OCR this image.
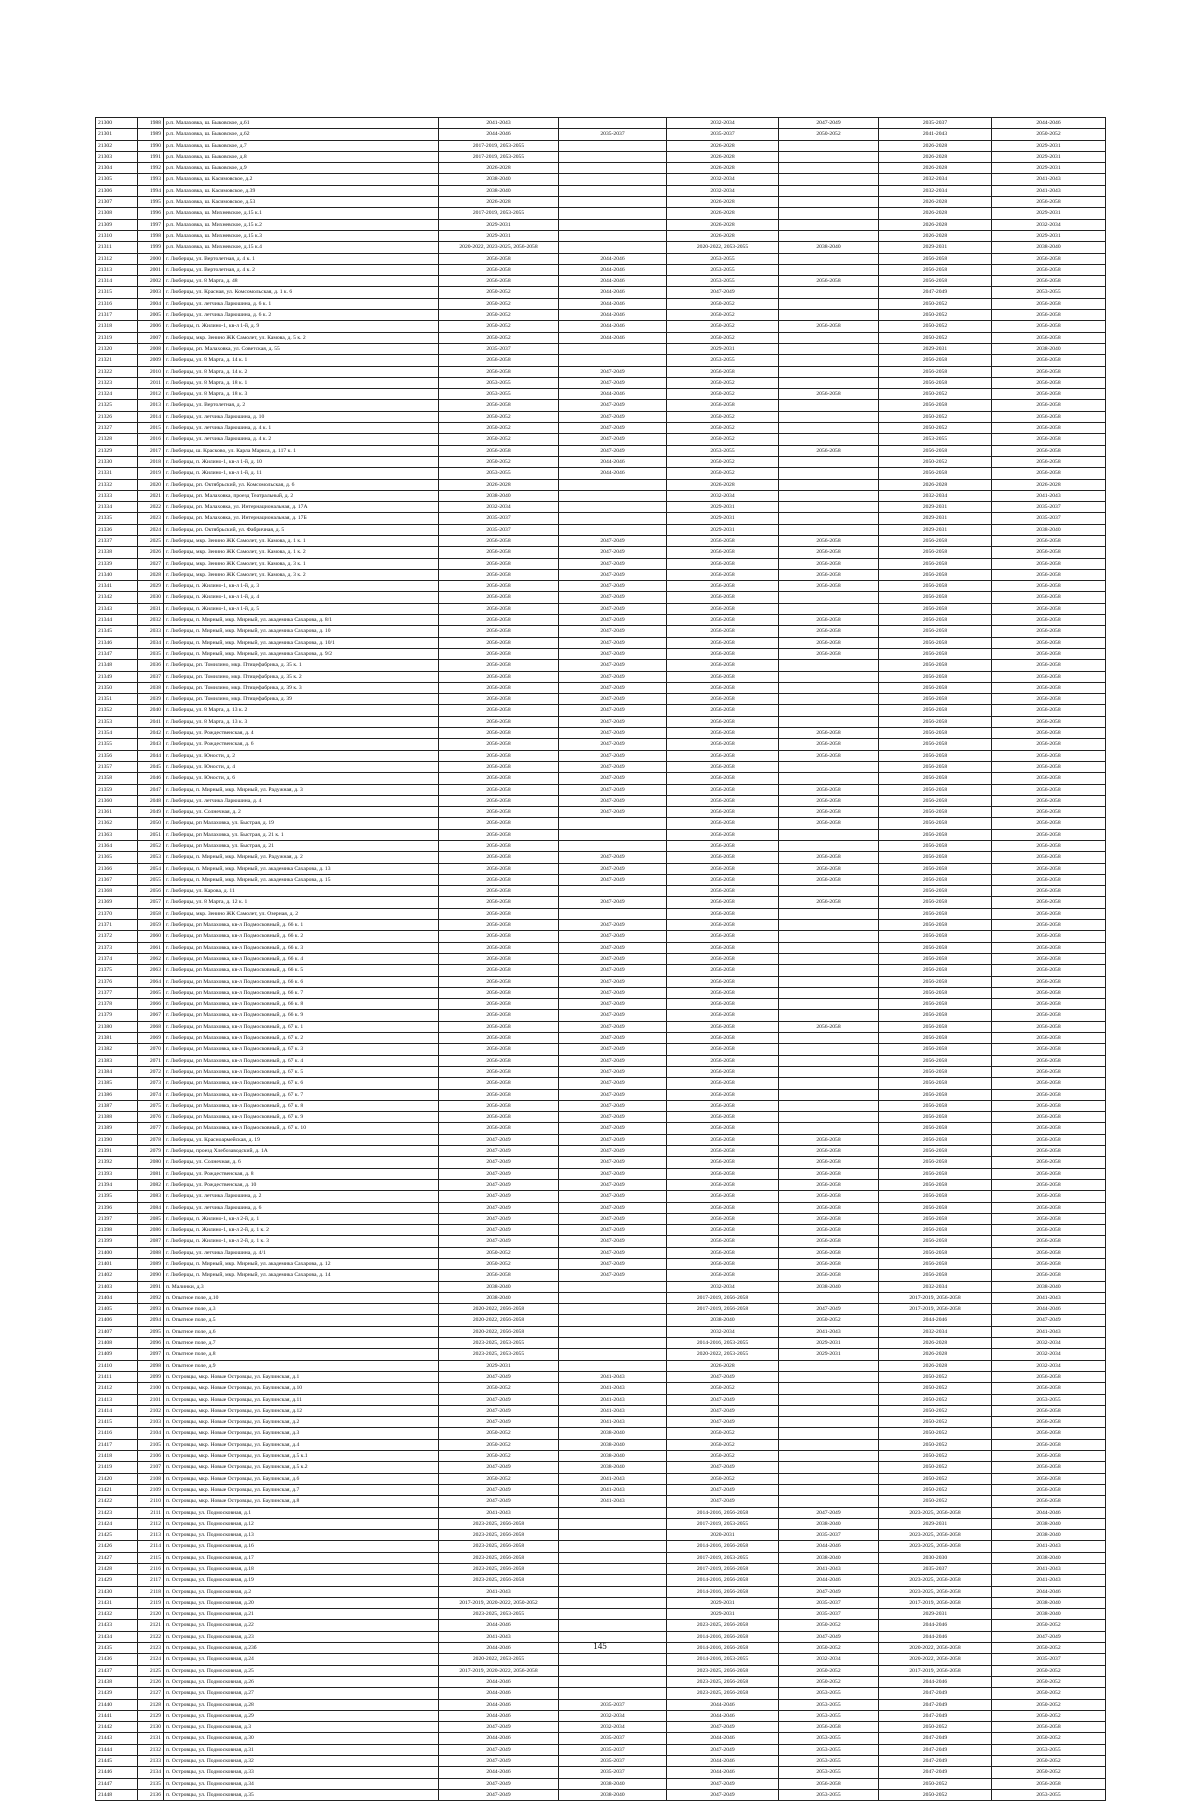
21300	1988	р.п. Малаховка, ш. Быковское, д.61	2041-2043		2032-2034	2047-2049	2035-2037	2044-2046
21301	1989	р.п. Малаховка, ш. Быковское, д.62	2044-2046	2035-2037	2035-2037	2050-2052	2041-2043	2050-2052
21302	1990	р.п. Малаховка, ш. Быковское, д.7	2017-2019, 2053-2055		2026-2028		2026-2028	2029-2031
21303	1991	р.п. Малаховка, ш. Быковское, д.8	2017-2019, 2053-2055		2026-2028		2026-2028	2029-2031
21304	1992	р.п. Малаховка, ш. Быковское, д.9	2026-2028		2026-2028		2026-2028	2029-2031
21305	1993	р.п. Малаховка, ш. Касимовское, д.2	2038-2040		2032-2034		2032-2034	2041-2043
21306	1994	р.п. Малаховка, ш. Касимовское, д.39	2038-2040		2032-2034		2032-2034	2041-2043
21307	1995	р.п. Малаховка, ш. Касимовское, д.53	2026-2028		2026-2028		2026-2028	2056-2058
21308	1996	р.п. Малаховка, ш. Михневское, д.15 к.1	2017-2019, 2053-2055		2026-2028		2026-2028	2029-2031
21309	1997	р.п. Малаховка, ш. Михневское, д.15 к.2	2029-2031		2026-2028		2026-2028	2032-2034
21310	1998	р.п. Малаховка, ш. Михневское, д.15 к.3	2029-2031		2026-2028		2026-2028	2029-2031
21311	1999	р.п. Малаховка, ш. Михневское, д.15 к.4	2020-2022, 2023-2025, 2056-2058		2020-2022, 2053-2055	2038-2040	2029-2031	2038-2040
21312	2000	г. Люберцы, ул. Вертолетная, д. 4 к. 1	2056-2058	2044-2046	2053-2055		2056-2058	2056-2058
21313	2001	г. Люберцы, ул. Вертолетная, д. 4 к. 2	2056-2058	2044-2046	2053-2055		2056-2058	2056-2058
21314	2002	г. Люберцы, ул. 8 Марта, д. 48	2056-2058	2044-2046	2053-2055	2056-2058	2056-2058	2056-2058
21315	2003	г. Люберцы, ул. Красная, ул. Комсомольская, д. 1 к. 6	2050-2052	2044-2046	2047-2049		2047-2049	2053-2055
21316	2004	г. Люберцы, ул. летчика Ларюшина, д. 6 к. 1	2050-2052	2044-2046	2050-2052		2050-2052	2056-2058
21317	2005	г. Люберцы, ул. летчика Ларюшина, д. 6 к. 2	2050-2052	2044-2046	2050-2052		2050-2052	2056-2058
21318	2006	г. Люберцы, п. Жилино-1, кв-л 1-й, д. 9	2050-2052	2044-2046	2050-2052	2056-2058	2050-2052	2056-2058
21319	2007	г. Люберцы, мкр. Зенино ЖК Самолет, ул. Камова, д. 5 к. 2	2050-2052	2044-2046	2050-2052		2050-2052	2056-2058
21320	2008	г. Люберцы, рп. Малаховка, ул. Советская, д. 55	2035-2037		2029-2031		2029-2031	2038-2040
21321	2009	г. Люберцы, ул. 8 Марта, д. 14 к. 1	2056-2058		2053-2055		2056-2058	2056-2058
21322	2010	г. Люберцы, ул. 8 Марта, д. 14 к. 2	2056-2058	2047-2049	2056-2058		2056-2058	2056-2058
21323	2011	г. Люберцы, ул. 8 Марта, д. 18 к. 1	2053-2055	2047-2049	2050-2052		2056-2058	2056-2058
21324	2012	г. Люберцы, ул. 8 Марта, д. 18 к. 3	2053-2055	2044-2046	2050-2052	2056-2058	2050-2052	2056-2058
21325	2013	г. Люберцы, ул. Вертолетная, д. 2	2056-2058	2047-2049	2056-2058		2056-2058	2056-2058
21326	2014	г. Люберцы, ул. летчика Ларюшина, д. 10	2050-2052	2047-2049	2050-2052		2050-2052	2056-2058
21327	2015	г. Люберцы, ул. летчика Ларюшина, д. 4 к. 1	2050-2052	2047-2049	2050-2052		2050-2052	2056-2058
21328	2016	г. Люберцы, ул. летчика Ларюшина, д. 4 к. 2	2050-2052	2047-2049	2050-2052		2053-2055	2056-2058
21329	2017	г. Люберцы, ш. Красково, ул. Карла Маркса, д. 117 к. 1	2056-2058	2047-2049	2053-2055	2056-2058	2056-2058	2056-2058
21330	2018	г. Люберцы, п. Жилино-1, кв-л 1-й, д. 10	2050-2052	2044-2046	2050-2052		2050-2052	2056-2058
21331	2019	г. Люберцы, п. Жилино-1, кв-л 1-й, д. 11	2053-2055	2044-2046	2050-2052		2056-2058	2056-2058
21332	2020	г. Люберцы, рп. Октябрьский, ул. Комсомольская, д. 6	2026-2028		2026-2028		2026-2028	2026-2028
21333	2021	г. Люберцы, рп. Малаховка, проезд Театральный, д. 2	2038-2040		2032-2034		2032-2034	2041-2043
21334	2022	г. Люберцы, рп. Малаховка, ул. Интернациональная, д. 17А	2032-2034		2029-2031		2029-2031	2035-2037
21335	2023	г. Люберцы, рп. Малаховка, ул. Интернациональная, д. 17Б	2035-2037		2029-2031		2029-2031	2035-2037
21336	2024	г. Люберцы, рп. Октябрьский, ул. Фабричная, д. 5	2035-2037		2029-2031		2029-2031	2038-2040
21337	2025	г. Люберцы, мкр. Зенино ЖК Самолет, ул. Камова, д. 1 к. 1	2056-2058	2047-2049	2056-2058	2056-2058	2056-2058	2056-2058
21338	2026	г. Люберцы, мкр. Зенино ЖК Самолет, ул. Камова, д. 1 к. 2	2056-2058	2047-2049	2056-2058	2056-2058	2056-2058	2056-2058
21339	2027	г. Люберцы, мкр. Зенино ЖК Самолет, ул. Камова, д. 3 к. 1	2056-2058	2047-2049	2056-2058	2056-2058	2056-2058	2056-2058
21340	2028	г. Люберцы, мкр. Зенино ЖК Самолет, ул. Камова, д. 3 к. 2	2056-2058	2047-2049	2056-2058	2056-2058	2056-2058	2056-2058
21341	2029	г. Люберцы, п. Жилино-1, кв-л 1-й, д. 3	2056-2058	2047-2049	2056-2058	2056-2058	2056-2058	2056-2058
21342	2030	г. Люберцы, п. Жилино-1, кв-л 1-й, д. 4	2056-2058	2047-2049	2056-2058		2056-2058	2056-2058
21343	2031	г. Люберцы, п. Жилино-1, кв-л 1-й, д. 5	2056-2058	2047-2049	2056-2058		2056-2058	2056-2058
21344	2032	г. Люберцы, п. Мирный, мкр. Мирный, ул. академика Сахарова, д. 8/1	2056-2058	2047-2049	2056-2058	2056-2058	2056-2058	2056-2058
21345	2033	г. Люберцы, п. Мирный, мкр. Мирный, ул. академика Сахарова, д. 10	2056-2058	2047-2049	2056-2058	2056-2058	2056-2058	2056-2058
21346	2034	г. Люберцы, п. Мирный, мкр. Мирный, ул. академика Сахарова, д. 10/1	2056-2058	2047-2049	2056-2058	2056-2058	2056-2058	2056-2058
21347	2035	г. Люберцы, п. Мирный, мкр. Мирный, ул. академика Сахарова, д. 9/2	2056-2058	2047-2049	2056-2058	2056-2058	2056-2058	2056-2058
21348	2036	г. Люберцы, рп. Томилино, мкр. Птицефабрика, д. 35 к. 1	2056-2058	2047-2049	2056-2058		2056-2058	2056-2058
21349	2037	г. Люберцы, рп. Томилино, мкр. Птицефабрика, д. 35 к. 2	2056-2058	2047-2049	2056-2058		2056-2058	2056-2058
21350	2038	г. Люберцы, рп. Томилино, мкр. Птицефабрика, д. 39 к. 3	2056-2058	2047-2049	2056-2058		2056-2058	2056-2058
21351	2039	г. Люберцы, рп. Томилино, мкр. Птицефабрика, д. 39	2056-2058	2047-2049	2056-2058		2056-2058	2056-2058
21352	2040	г. Люберцы, ул. 8 Марта, д. 13 к. 2	2056-2058	2047-2049	2056-2058		2056-2058	2056-2058
21353	2041	г. Люберцы, ул. 8 Марта, д. 13 к. 3	2056-2058	2047-2049	2056-2058		2056-2058	2056-2058
21354	2042	г. Люберцы, ул. Рождественская, д. 4	2056-2058	2047-2049	2056-2058	2056-2058	2056-2058	2056-2058
21355	2043	г. Люберцы, ул. Рождественская, д. 6	2056-2058	2047-2049	2056-2058	2056-2058	2056-2058	2056-2058
21356	2044	г. Люберцы, ул. Юности, д. 2	2056-2058	2047-2049	2056-2058	2056-2058	2056-2058	2056-2058
21357	2045	г. Люберцы, ул. Юности, д. 4	2056-2058	2047-2049	2056-2058		2056-2058	2056-2058
21358	2046	г. Люберцы, ул. Юности, д. 6	2056-2058	2047-2049	2056-2058		2056-2058	2056-2058
21359	2047	г. Люберцы, п. Мирный, мкр. Мирный, ул. Радужная, д. 3	2056-2058	2047-2049	2056-2058	2056-2058	2056-2058	2056-2058
21360	2048	г. Люберцы, ул. летчика Ларюшина, д. 4	2056-2058	2047-2049	2056-2058	2056-2058	2056-2058	2056-2058
21361	2049	г. Люберцы, ул. Солнечная, д. 2	2056-2058	2047-2049	2056-2058	2056-2058	2056-2058	2056-2058
21362	2050	г. Люберцы, рп Малаховка, ул. Быстрая, д. 19	2056-2058		2056-2058	2056-2058	2056-2058	2056-2058
21363	2051	г. Люберцы, рп Малаховка, ул. Быстрая, д. 21 к. 1	2056-2058		2056-2058		2056-2058	2056-2058
21364	2052	г. Люберцы, рп Малаховка, ул. Быстрая, д. 21	2056-2058		2056-2058		2056-2058	2056-2058
21365	2053	г. Люберцы, п. Мирный, мкр. Мирный, ул. Радужная, д. 2	2056-2058	2047-2049	2056-2058	2056-2058	2056-2058	2056-2058
21366	2054	г. Люберцы, п. Мирный, мкр. Мирный, ул. академика Сахарова, д. 13	2056-2058	2047-2049	2056-2058	2056-2058	2056-2058	2056-2058
21367	2055	г. Люберцы, п. Мирный, мкр. Мирный, ул. академика Сахарова, д. 15	2056-2058	2047-2049	2056-2058	2056-2058	2056-2058	2056-2058
21368	2056	г. Люберцы, ул. Карова, д. 11	2056-2058		2056-2058		2056-2058	2056-2058
21369	2057	г. Люберцы, ул. 8 Марта, д. 12 к. 1	2056-2058	2047-2049	2056-2058	2056-2058	2056-2058	2056-2058
21370	2058	г. Люберцы, мкр. Зенино ЖК Самолет, ул. Озерная, д. 2	2056-2058		2056-2058		2056-2058	2056-2058
21371	2059	г. Люберцы, рп Малаховка, кв-л Подмосковный, д. 66 к. 1	2056-2058	2047-2049	2056-2058		2056-2058	2056-2058
21372	2060	г. Люберцы, рп Малаховка, кв-л Подмосковный, д. 66 к. 2	2056-2058	2047-2049	2056-2058		2056-2058	2056-2058
21373	2061	г. Люберцы, рп Малаховка, кв-л Подмосковный, д. 66 к. 3	2056-2058	2047-2049	2056-2058		2056-2058	2056-2058
21374	2062	г. Люберцы, рп Малаховка, кв-л Подмосковный, д. 66 к. 4	2056-2058	2047-2049	2056-2058		2056-2058	2056-2058
21375	2063	г. Люберцы, рп Малаховка, кв-л Подмосковный, д. 66 к. 5	2056-2058	2047-2049	2056-2058		2056-2058	2056-2058
21376	2064	г. Люберцы, рп Малаховка, кв-л Подмосковный, д. 66 к. 6	2056-2058	2047-2049	2056-2058		2056-2058	2056-2058
21377	2065	г. Люберцы, рп Малаховка, кв-л Подмосковный, д. 66 к. 7	2056-2058	2047-2049	2056-2058		2056-2058	2056-2058
21378	2066	г. Люберцы, рп Малаховка, кв-л Подмосковный, д. 66 к. 8	2056-2058	2047-2049	2056-2058		2056-2058	2056-2058
21379	2067	г. Люберцы, рп Малаховка, кв-л Подмосковный, д. 66 к. 9	2056-2058	2047-2049	2056-2058		2056-2058	2056-2058
21380	2068	г. Люберцы, рп Малаховка, кв-л Подмосковный, д. 67 к. 1	2056-2058	2047-2049	2056-2058	2056-2058	2056-2058	2056-2058
21381	2069	г. Люберцы, рп Малаховка, кв-л Подмосковный, д. 67 к. 2	2056-2058	2047-2049	2056-2058		2056-2058	2056-2058
21382	2070	г. Люберцы, рп Малаховка, кв-л Подмосковный, д. 67 к. 3	2056-2058	2047-2049	2056-2058		2056-2058	2056-2058
21383	2071	г. Люберцы, рп Малаховка, кв-л Подмосковный, д. 67 к. 4	2056-2058	2047-2049	2056-2058		2056-2058	2056-2058
21384	2072	г. Люберцы, рп Малаховка, кв-л Подмосковный, д. 67 к. 5	2056-2058	2047-2049	2056-2058		2056-2058	2056-2058
21385	2073	г. Люберцы, рп Малаховка, кв-л Подмосковный, д. 67 к. 6	2056-2058	2047-2049	2056-2058		2056-2058	2056-2058
21386	2074	г. Люберцы, рп Малаховка, кв-л Подмосковный, д. 67 к. 7	2056-2058	2047-2049	2056-2058		2056-2058	2056-2058
21387	2075	г. Люберцы, рп Малаховка, кв-л Подмосковный, д. 67 к. 8	2056-2058	2047-2049	2056-2058		2056-2058	2056-2058
21388	2076	г. Люберцы, рп Малаховка, кв-л Подмосковный, д. 67 к. 9	2056-2058	2047-2049	2056-2058		2056-2058	2056-2058
21389	2077	г. Люберцы, рп Малаховка, кв-л Подмосковный, д. 67 к. 10	2056-2058	2047-2049	2056-2058		2056-2058	2056-2058
21390	2078	г. Люберцы, ул. Красноармейская, д. 19	2047-2049	2047-2049	2056-2058	2056-2058	2056-2058	2056-2058
21391	2079	г. Люберцы, проезд Хлебозаводский, д. 1А	2047-2049	2047-2049	2056-2058	2056-2058	2056-2058	2056-2058
21392	2080	г. Люберцы, ул. Солнечная, д. 6	2047-2049	2047-2049	2056-2058	2056-2058	2056-2058	2056-2058
21393	2081	г. Люберцы, ул. Рождественская, д. 8	2047-2049	2047-2049	2056-2058	2056-2058	2056-2058	2056-2058
21394	2082	г. Люберцы, ул. Рождественская, д. 10	2047-2049	2047-2049	2056-2058	2056-2058	2056-2058	2056-2058
21395	2083	г. Люберцы, ул. летчика Ларюшина, д. 2	2047-2049	2047-2049	2056-2058	2056-2058	2056-2058	2056-2058
21396	2084	г. Люберцы, ул. летчика Ларюшина, д. 6	2047-2049	2047-2049	2056-2058	2056-2058	2056-2058	2056-2058
21397	2085	г. Люберцы, п. Жилино-1, кв-л 2-й, д. 1	2047-2049	2047-2049	2056-2058	2056-2058	2056-2058	2056-2058
21398	2086	г. Люберцы, п. Жилино-1, кв-л 2-й, д. 1 к. 2	2047-2049	2047-2049	2056-2058	2056-2058	2056-2058	2056-2058
21399	2087	г. Люберцы, п. Жилино-1, кв-л 2-й, д. 1 к. 3	2047-2049	2047-2049	2056-2058	2056-2058	2056-2058	2056-2058
21400	2088	г. Люберцы, ул. летчика Ларюшина, д. 4/1	2050-2052	2047-2049	2056-2058	2056-2058	2056-2058	2056-2058
21401	2089	г. Люберцы, п. Мирный, мкр. Мирный, ул. академика Сахарова, д. 12	2050-2052	2047-2049	2056-2058	2056-2058	2056-2058	2056-2058
21402	2090	г. Люберцы, п. Мирный, мкр. Мирный, ул. академика Сахарова, д. 14	2056-2058	2047-2049	2056-2058	2056-2058	2056-2058	2056-2058
21403	2091	п. Малинки, д.3	2038-2040		2032-2034	2038-2040	2032-2034	2038-2040
21404	2092	п. Опытное поле, д.10	2038-2040		2017-2019, 2056-2058		2017-2019, 2056-2058	2041-2043
21405	2093	п. Опытное поле, д.3	2020-2022, 2056-2058		2017-2019, 2056-2058	2047-2049	2017-2019, 2056-2058	2044-2046
21406	2094	п. Опытное поле, д.5	2020-2022, 2056-2058		2038-2040	2050-2052	2044-2046	2047-2049
21407	2095	п. Опытное поле, д.6	2020-2022, 2056-2058		2032-2034	2041-2043	2032-2034	2041-2043
21408	2096	п. Опытное поле, д.7	2023-2025, 2053-2055		2014-2016, 2053-2055	2029-2031	2026-2028	2032-2034
21409	2097	п. Опытное поле, д.8	2023-2025, 2053-2055		2020-2022, 2053-2055	2029-2031	2026-2028	2032-2034
21410	2098	п. Опытное поле, д.9	2029-2031		2026-2028		2026-2028	2032-2034
21411	2099	п. Островцы, мкр. Новые Островцы, ул. Баулинская, д.1	2047-2049	2041-2043	2047-2049		2050-2052	2056-2058
21412	2100	п. Островцы, мкр. Новые Островцы, ул. Баулинская, д.10	2050-2052	2041-2043	2050-2052		2050-2052	2056-2058
21413	2101	п. Островцы, мкр. Новые Островцы, ул. Баулинская, д.11	2047-2049	2041-2043	2047-2049		2050-2052	2053-2055
21414	2102	п. Островцы, мкр. Новые Островцы, ул. Баулинская, д.12	2047-2049	2041-2043	2047-2049		2050-2052	2056-2058
21415	2103	п. Островцы, мкр. Новые Островцы, ул. Баулинская, д.2	2047-2049	2041-2043	2047-2049		2050-2052	2056-2058
21416	2104	п. Островцы, мкр. Новые Островцы, ул. Баулинская, д.3	2050-2052	2038-2040	2050-2052		2050-2052	2056-2058
21417	2105	п. Островцы, мкр. Новые Островцы, ул. Баулинская, д.4	2050-2052	2038-2040	2050-2052		2050-2052	2056-2058
21418	2106	п. Островцы, мкр. Новые Островцы, ул. Баулинская, д.5 к.1	2050-2052	2038-2040	2050-2052		2050-2052	2056-2058
21419	2107	п. Островцы, мкр. Новые Островцы, ул. Баулинская, д.5 к.2	2047-2049	2038-2040	2047-2049		2050-2052	2056-2058
21420	2108	п. Островцы, мкр. Новые Островцы, ул. Баулинская, д.6	2050-2052	2041-2043	2050-2052		2050-2052	2056-2058
21421	2109	п. Островцы, мкр. Новые Островцы, ул. Баулинская, д.7	2047-2049	2041-2043	2047-2049		2050-2052	2056-2058
21422	2110	п. Островцы, мкр. Новые Островцы, ул. Баулинская, д.8	2047-2049	2041-2043	2047-2049		2050-2052	2056-2058
21423	2111	п. Островцы, ул. Подмосковная, д.1	2041-2043		2014-2016, 2056-2058	2047-2049	2023-2025, 2056-2058	2044-2046
21424	2112	п. Островцы, ул. Подмосковная, д.12	2023-2025, 2056-2058		2017-2019, 2053-2055	2038-2040	2029-2031	2038-2040
21425	2113	п. Островцы, ул. Подмосковная, д.13	2023-2025, 2056-2058		2020-2031	2035-2037	2023-2025, 2056-2058	2038-2040
21426	2114	п. Островцы, ул. Подмосковная, д.16	2023-2025, 2056-2058		2014-2016, 2056-2058	2044-2046	2023-2025, 2056-2058	2041-2043
21427	2115	п. Островцы, ул. Подмосковная, д.17	2023-2025, 2056-2058		2017-2019, 2053-2055	2038-2040	2030-2030	2038-2040
21428	2116	п. Островцы, ул. Подмосковная, д.18	2023-2025, 2056-2058		2017-2019, 2056-2058	2041-2043	2035-2037	2041-2043
21429	2117	п. Островцы, ул. Подмосковная, д.19	2023-2025, 2056-2058		2014-2016, 2056-2058	2044-2046	2023-2025, 2056-2058	2041-2043
21430	2118	п. Островцы, ул. Подмосковная, д.2	2041-2043		2014-2016, 2056-2058	2047-2049	2023-2025, 2056-2058	2044-2046
21431	2119	п. Островцы, ул. Подмосковная, д.20	2017-2019, 2020-2022, 2050-2052		2029-2031	2035-2037	2017-2019, 2056-2058	2038-2040
21432	2120	п. Островцы, ул. Подмосковная, д.21	2023-2025, 2053-2055		2029-2031	2035-2037	2029-2031	2038-2040
21433	2121	п. Островцы, ул. Подмосковная, д.22	2044-2046		2023-2025, 2056-2058	2050-2052	2044-2046	2050-2052
21434	2122	п. Островцы, ул. Подмосковная, д.23	2041-2043		2014-2016, 2056-2058	2047-2049	2044-2046	2047-2049
21435	2123	п. Островцы, ул. Подмосковная, д.23б	2044-2046		2014-2016, 2056-2058	2050-2052	2020-2022, 2056-2058	2050-2052
21436	2124	п. Островцы, ул. Подмосковная, д.24	2020-2022, 2053-2055		2014-2016, 2053-2055	2032-2034	2020-2022, 2056-2058	2035-2037
21437	2125	п. Островцы, ул. Подмосковная, д.25	2017-2019, 2020-2022, 2056-2058		2023-2025, 2056-2058	2050-2052	2017-2019, 2056-2058	2050-2052
21438	2126	п. Островцы, ул. Подмосковная, д.26	2044-2046		2023-2025, 2056-2058	2050-2052	2044-2046	2050-2052
21439	2127	п. Островцы, ул. Подмосковная, д.27	2044-2046		2023-2025, 2056-2058	2053-2055	2047-2049	2050-2052
21440	2128	п. Островцы, ул. Подмосковная, д.28	2044-2046	2035-2037	2044-2046	2053-2055	2047-2049	2050-2052
21441	2129	п. Островцы, ул. Подмосковная, д.29	2044-2046	2032-2034	2044-2046	2053-2055	2047-2049	2050-2052
21442	2130	п. Островцы, ул. Подмосковная, д.3	2047-2049	2032-2034	2047-2049	2056-2058	2050-2052	2056-2058
21443	2131	п. Островцы, ул. Подмосковная, д.30	2044-2046	2035-2037	2044-2046	2053-2055	2047-2049	2050-2052
21444	2132	п. Островцы, ул. Подмосковная, д.31	2047-2049	2035-2037	2047-2049	2053-2055	2047-2049	2053-2055
21445	2133	п. Островцы, ул. Подмосковная, д.32	2047-2049	2035-2037	2044-2046	2053-2055	2047-2049	2050-2052
21446	2134	п. Островцы, ул. Подмосковная, д.33	2044-2046	2035-2037	2044-2046	2053-2055	2047-2049	2050-2052
21447	2135	п. Островцы, ул. Подмосковная, д.34	2047-2049	2038-2040	2047-2049	2056-2058	2050-2052	2056-2058
21448	2136	п. Островцы, ул. Подмосковная, д.35	2047-2049	2038-2040	2047-2049	2053-2055	2050-2052	2053-2055
145
